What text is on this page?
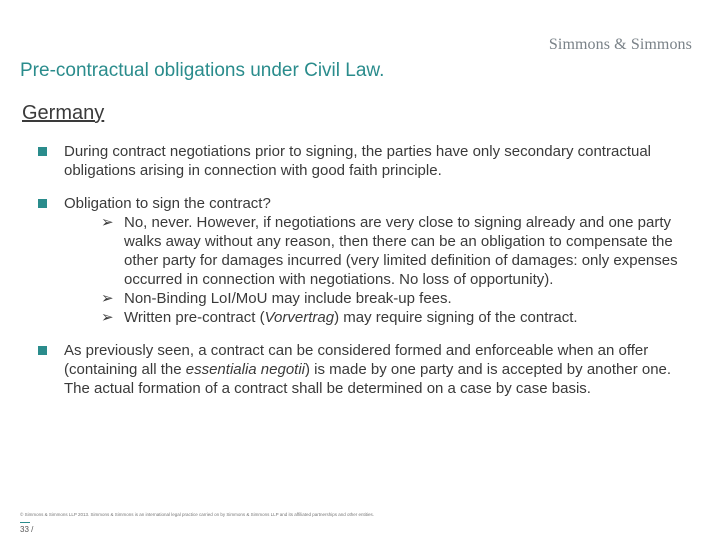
Simmons & Simmons
Pre-contractual obligations under Civil Law.
Germany
During contract negotiations prior to signing, the parties have only secondary contractual obligations arising in connection with good faith principle.
Obligation to sign the contract?
➢ No, never. However, if negotiations are very close to signing already and one party walks away without any reason, then there can be an obligation to compensate the other party for damages incurred (very limited definition of damages: only expenses occurred in connection with negotiations. No loss of opportunity).
➢ Non-Binding LoI/MoU may include break-up fees.
➢ Written pre-contract (Vorvertrag) may require signing of the contract.
As previously seen, a contract can be considered formed and enforceable when an offer (containing all the essentialia negotii) is made by one party and is accepted by another one. The actual formation of a contract shall be determined on a case by case basis.
© Simmons & Simmons LLP 2013. Simmons & Simmons is an international legal practice carried on by Simmons & Simmons LLP and its affiliated partnerships and other entities.
33 /
